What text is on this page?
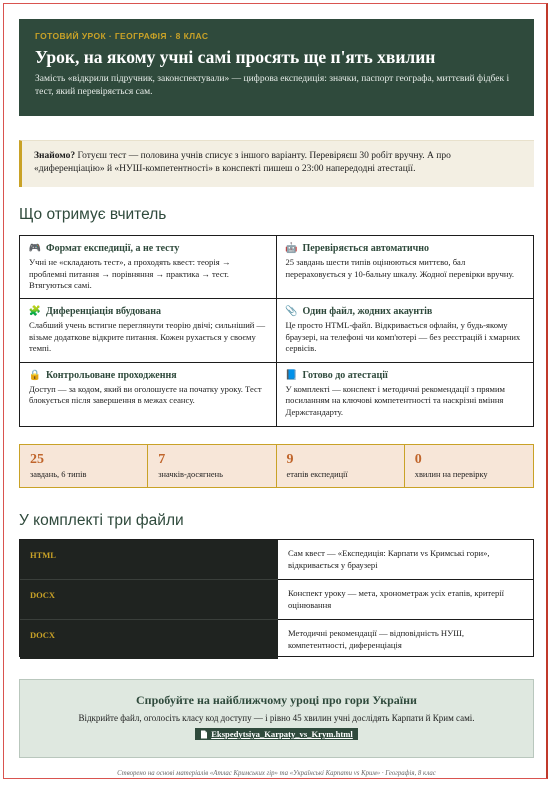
ГОТОВИЙ УРОК · ГЕОГРАФІЯ · 8 КЛАС
Урок, на якому учні самі просять ще п'ять хвилин
Замість «відкрили підручник, законспектували» — цифрова експедиція: значки, паспорт географа, миттєвий фідбек і тест, який перевіряється сам.
Знайомо? Готуєш тест — половина учнів списує з іншого варіанту. Перевіряєш 30 робіт вручну. А про «диференціацію» й «НУШ-компетентності» в конспекті пишеш о 23:00 напередодні атестації.
Що отримує вчитель
🎮 Формат експедиції, а не тесту
Учні не «складають тест», а проходять квест: теорія → проблемні питання → порівняння → практика → тест. Втягуються самі.
🤖 Перевіряється автоматично
25 завдань шести типів оцінюються миттєво, бал перераховується у 10-бальну шкалу. Жодної перевірки вручну.
🧩 Диференціація вбудована
Слабший учень встигне переглянути теорію двічі; сильніший — візьме додаткове відкрите питання. Кожен рухається у своєму темпі.
📎 Один файл, жодних акаунтів
Це просто HTML-файл. Відкривається офлайн, у будь-якому браузері, на телефоні чи комп'ютері — без реєстрацій і хмарних сервісів.
🔒 Контрольоване проходження
Доступ — за кодом, який ви оголошуєте на початку уроку. Тест блокується після завершення в межах сеансу.
📘 Готово до атестації
У комплекті — конспект і методичні рекомендації з прямим посиланням на ключові компетентності та наскрізні вміння Держстандарту.
25
завдань, 6 типів
7
значків-досягнень
9
етапів експедиції
0
хвилин на перевірку
У комплекті три файли
HTML	Сам квест — «Експедиція: Карпати vs Кримські гори», відкривається у браузері
DOCX	Конспект уроку — мета, хронометраж усіх етапів, критерії оцінювання
DOCX	Методичні рекомендації — відповідність НУШ, компетентності, диференціація
Спробуйте на найближчому уроці про гори України
Відкрийте файл, оголосіть класу код доступу — і рівно 45 хвилин учні дослідять Карпати й Крим самі.
Ekspedytsiya_Karpaty_vs_Krym.html
Створено на основі матеріалів «Атлас Кримських гір» та «Українські Карпати vs Крим» · Географія, 8 клас
